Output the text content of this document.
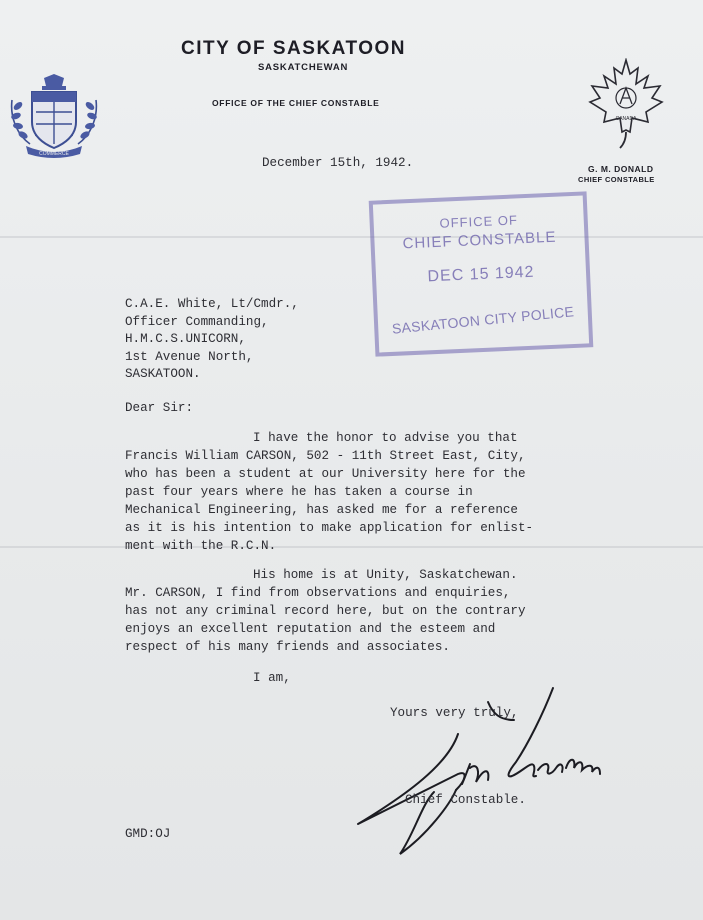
COMMERCE
CANADA
CITY OF SASKATOON
SASKATCHEWAN
OFFICE OF THE CHIEF CONSTABLE
G. M. DONALD
CHIEF CONSTABLE
December 15th, 1942.
OFFICE OF
CHIEF CONSTABLE
DEC 15 1942
SASKATOON CITY POLICE
C.A.E. White, Lt/Cmdr.,
Officer Commanding,
H.M.C.S.UNICORN,
1st Avenue North,
SASKATOON.
Dear Sir:
I have the honor to advise you that
Francis William CARSON, 502 - 11th Street East, City,
who has been a student at our University here for the
past four years where he has taken a course in
Mechanical Engineering, has asked me for a reference
as it is his intention to make application for enlist-
ment with the R.C.N.
His home is at Unity, Saskatchewan.
Mr. CARSON, I find from observations and enquiries,
has not any criminal record here, but on the contrary
enjoys an excellent reputation and the esteem and
respect of his many friends and associates.
I am,
Yours very truly,
Chief Constable.
GMD:OJ
